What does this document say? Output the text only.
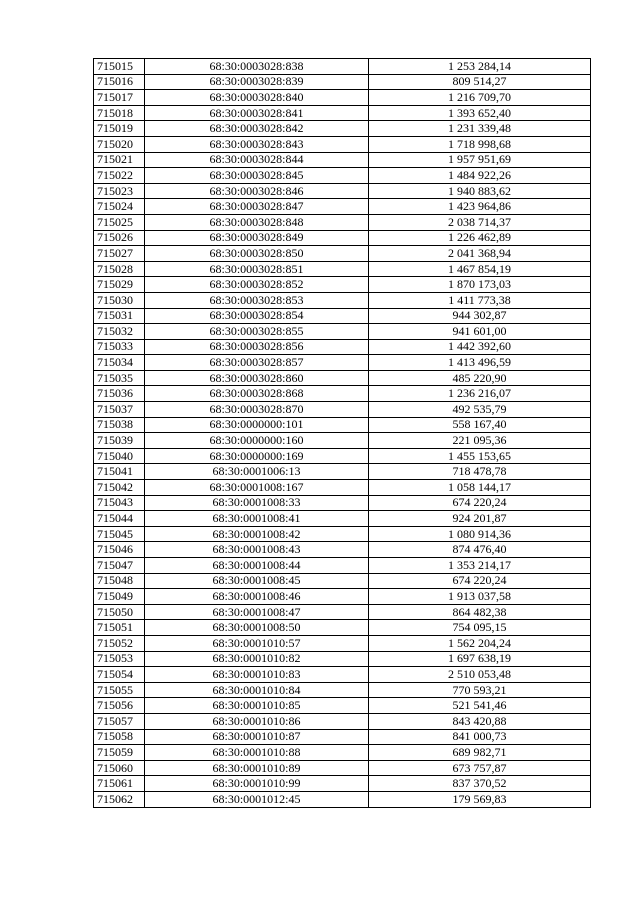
715015	68:30:0003028:838	1 253 284,14
715016	68:30:0003028:839	809 514,27
715017	68:30:0003028:840	1 216 709,70
715018	68:30:0003028:841	1 393 652,40
715019	68:30:0003028:842	1 231 339,48
715020	68:30:0003028:843	1 718 998,68
715021	68:30:0003028:844	1 957 951,69
715022	68:30:0003028:845	1 484 922,26
715023	68:30:0003028:846	1 940 883,62
715024	68:30:0003028:847	1 423 964,86
715025	68:30:0003028:848	2 038 714,37
715026	68:30:0003028:849	1 226 462,89
715027	68:30:0003028:850	2 041 368,94
715028	68:30:0003028:851	1 467 854,19
715029	68:30:0003028:852	1 870 173,03
715030	68:30:0003028:853	1 411 773,38
715031	68:30:0003028:854	944 302,87
715032	68:30:0003028:855	941 601,00
715033	68:30:0003028:856	1 442 392,60
715034	68:30:0003028:857	1 413 496,59
715035	68:30:0003028:860	485 220,90
715036	68:30:0003028:868	1 236 216,07
715037	68:30:0003028:870	492 535,79
715038	68:30:0000000:101	558 167,40
715039	68:30:0000000:160	221 095,36
715040	68:30:0000000:169	1 455 153,65
715041	68:30:0001006:13	718 478,78
715042	68:30:0001008:167	1 058 144,17
715043	68:30:0001008:33	674 220,24
715044	68:30:0001008:41	924 201,87
715045	68:30:0001008:42	1 080 914,36
715046	68:30:0001008:43	874 476,40
715047	68:30:0001008:44	1 353 214,17
715048	68:30:0001008:45	674 220,24
715049	68:30:0001008:46	1 913 037,58
715050	68:30:0001008:47	864 482,38
715051	68:30:0001008:50	754 095,15
715052	68:30:0001010:57	1 562 204,24
715053	68:30:0001010:82	1 697 638,19
715054	68:30:0001010:83	2 510 053,48
715055	68:30:0001010:84	770 593,21
715056	68:30:0001010:85	521 541,46
715057	68:30:0001010:86	843 420,88
715058	68:30:0001010:87	841 000,73
715059	68:30:0001010:88	689 982,71
715060	68:30:0001010:89	673 757,87
715061	68:30:0001010:99	837 370,52
715062	68:30:0001012:45	179 569,83
